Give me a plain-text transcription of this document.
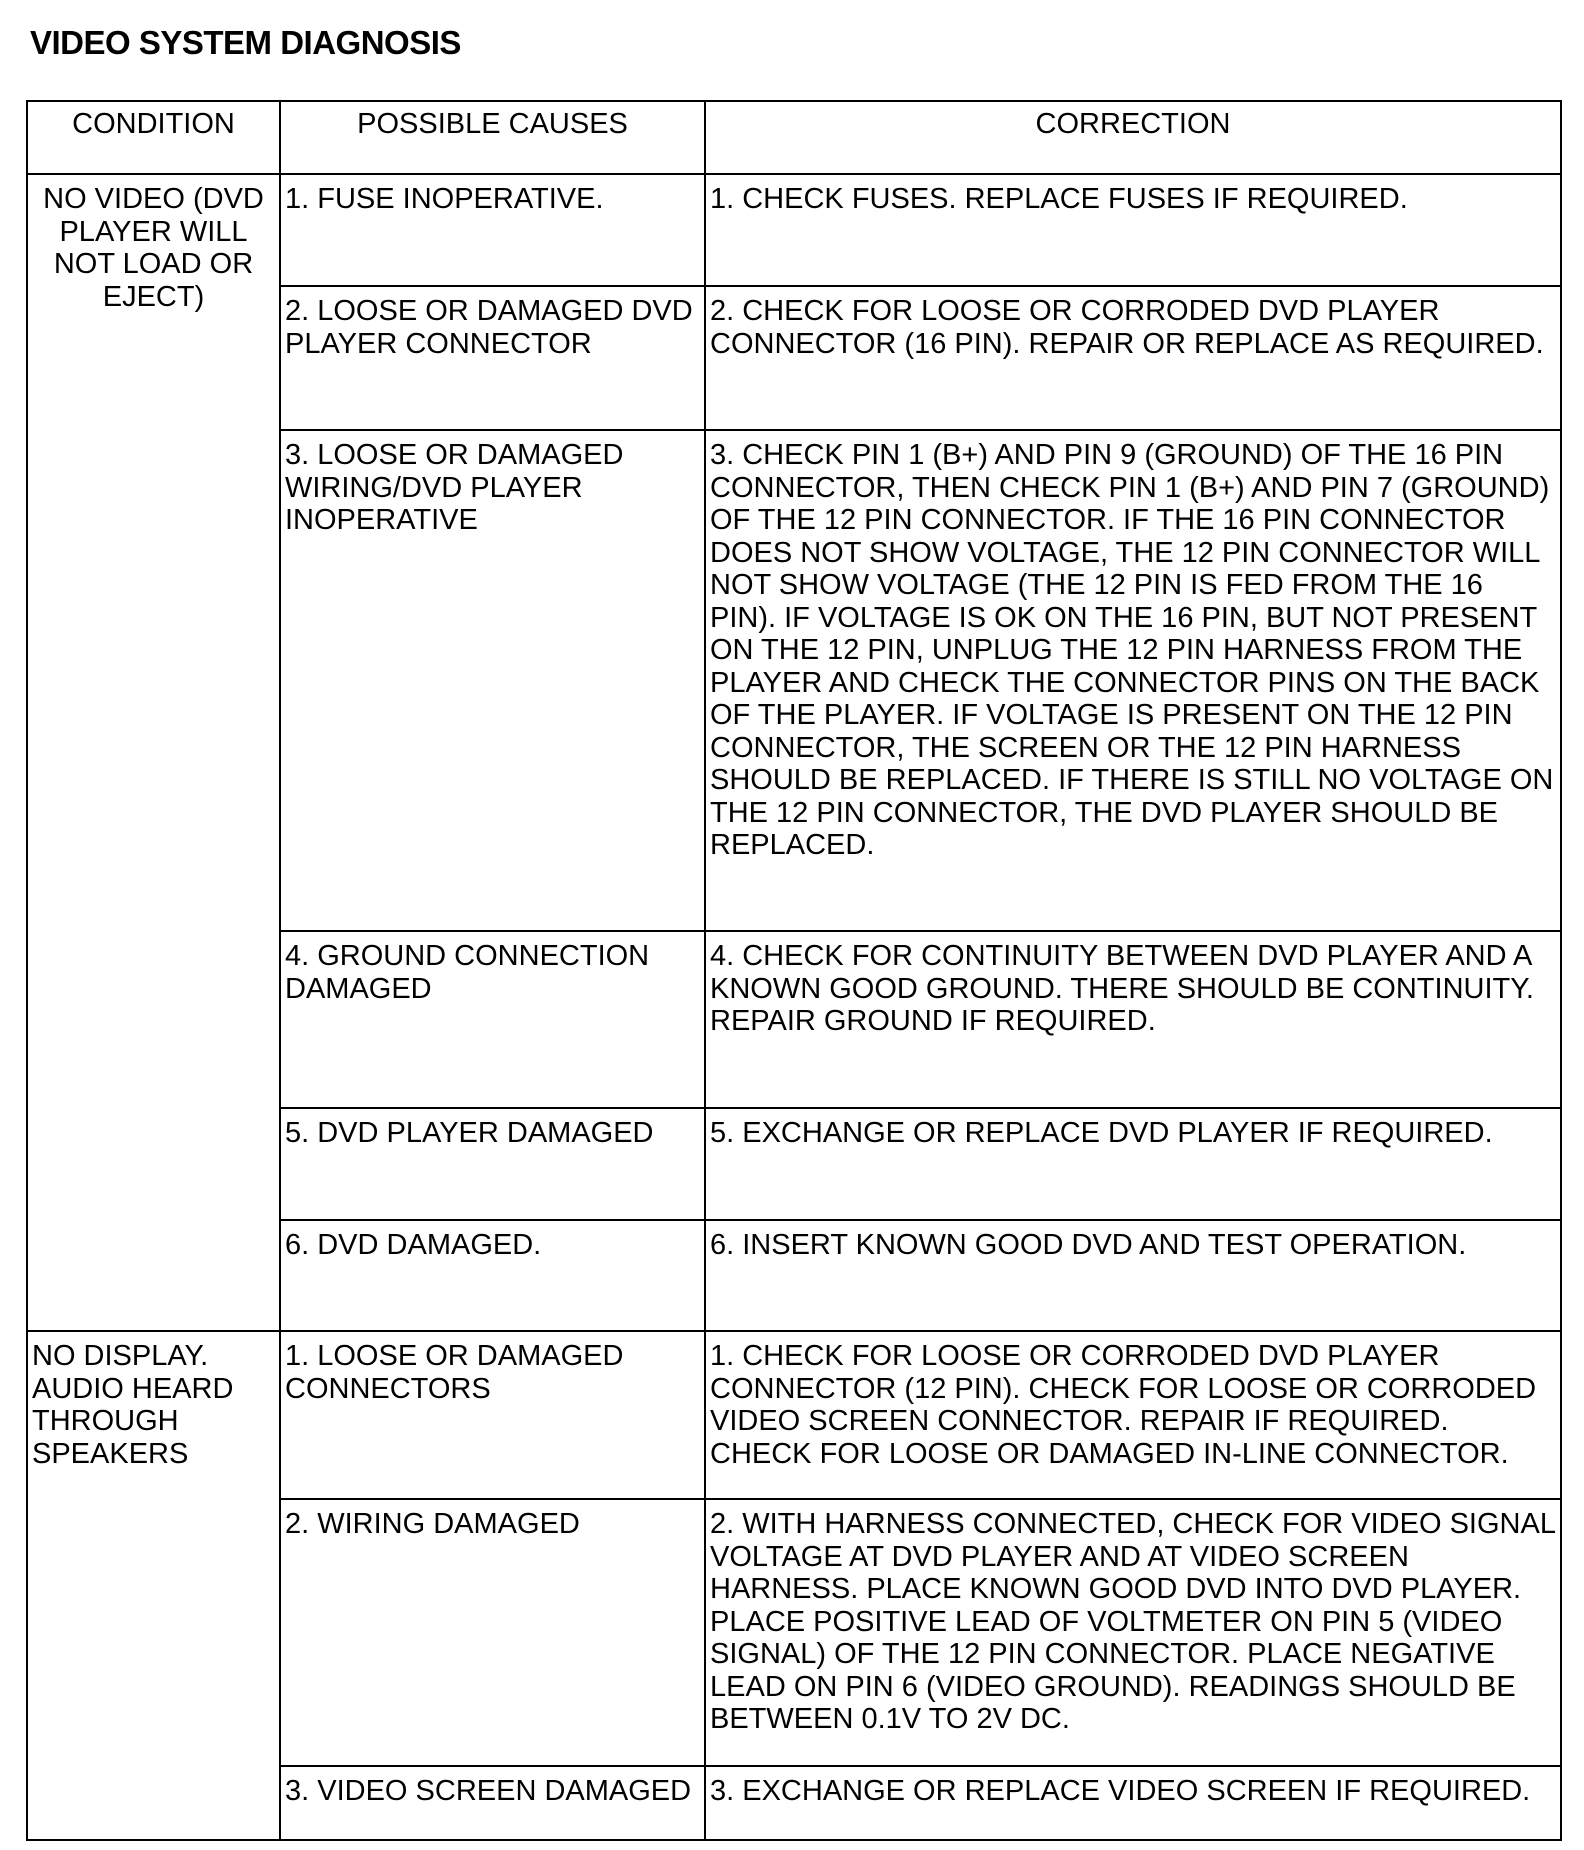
VIDEO SYSTEM DIAGNOSIS
CONDITION	POSSIBLE CAUSES	CORRECTION
NO VIDEO (DVD PLAYER WILL NOT LOAD OR EJECT)	1. FUSE INOPERATIVE.	1. CHECK FUSES. REPLACE FUSES IF REQUIRED.
	2. LOOSE OR DAMAGED DVD PLAYER CONNECTOR	2. CHECK FOR LOOSE OR CORRODED DVD PLAYER CONNECTOR (16 PIN). REPAIR OR REPLACE AS REQUIRED.
	3. LOOSE OR DAMAGED WIRING/DVD PLAYER INOPERATIVE	3. CHECK PIN 1 (B+) AND PIN 9 (GROUND) OF THE 16 PIN CONNECTOR, THEN CHECK PIN 1 (B+) AND PIN 7 (GROUND) OF THE 12 PIN CONNECTOR. IF THE 16 PIN CONNECTOR DOES NOT SHOW VOLTAGE, THE 12 PIN CONNECTOR WILL NOT SHOW VOLTAGE (THE 12 PIN IS FED FROM THE 16 PIN). IF VOLTAGE IS OK ON THE 16 PIN, BUT NOT PRESENT ON THE 12 PIN, UNPLUG THE 12 PIN HARNESS FROM THE PLAYER AND CHECK THE CONNECTOR PINS ON THE BACK OF THE PLAYER. IF VOLTAGE IS PRESENT ON THE 12 PIN CONNECTOR, THE SCREEN OR THE 12 PIN HARNESS SHOULD BE REPLACED. IF THERE IS STILL NO VOLTAGE ON THE 12 PIN CONNECTOR, THE DVD PLAYER SHOULD BE REPLACED.
	4. GROUND CONNECTION DAMAGED	4. CHECK FOR CONTINUITY BETWEEN DVD PLAYER AND A KNOWN GOOD GROUND. THERE SHOULD BE CONTINUITY. REPAIR GROUND IF REQUIRED.
	5. DVD PLAYER DAMAGED	5. EXCHANGE OR REPLACE DVD PLAYER IF REQUIRED.
	6. DVD DAMAGED.	6. INSERT KNOWN GOOD DVD AND TEST OPERATION.
NO DISPLAY. AUDIO HEARD THROUGH SPEAKERS	1. LOOSE OR DAMAGED CONNECTORS	1. CHECK FOR LOOSE OR CORRODED DVD PLAYER CONNECTOR (12 PIN). CHECK FOR LOOSE OR CORRODED VIDEO SCREEN CONNECTOR. REPAIR IF REQUIRED. CHECK FOR LOOSE OR DAMAGED IN-LINE CONNECTOR.
	2. WIRING DAMAGED	2. WITH HARNESS CONNECTED, CHECK FOR VIDEO SIGNAL VOLTAGE AT DVD PLAYER AND AT VIDEO SCREEN HARNESS. PLACE KNOWN GOOD DVD INTO DVD PLAYER. PLACE POSITIVE LEAD OF VOLTMETER ON PIN 5 (VIDEO SIGNAL) OF THE 12 PIN CONNECTOR. PLACE NEGATIVE LEAD ON PIN 6 (VIDEO GROUND). READINGS SHOULD BE BETWEEN 0.1V TO 2V DC.
	3. VIDEO SCREEN DAMAGED	3. EXCHANGE OR REPLACE VIDEO SCREEN IF REQUIRED.
